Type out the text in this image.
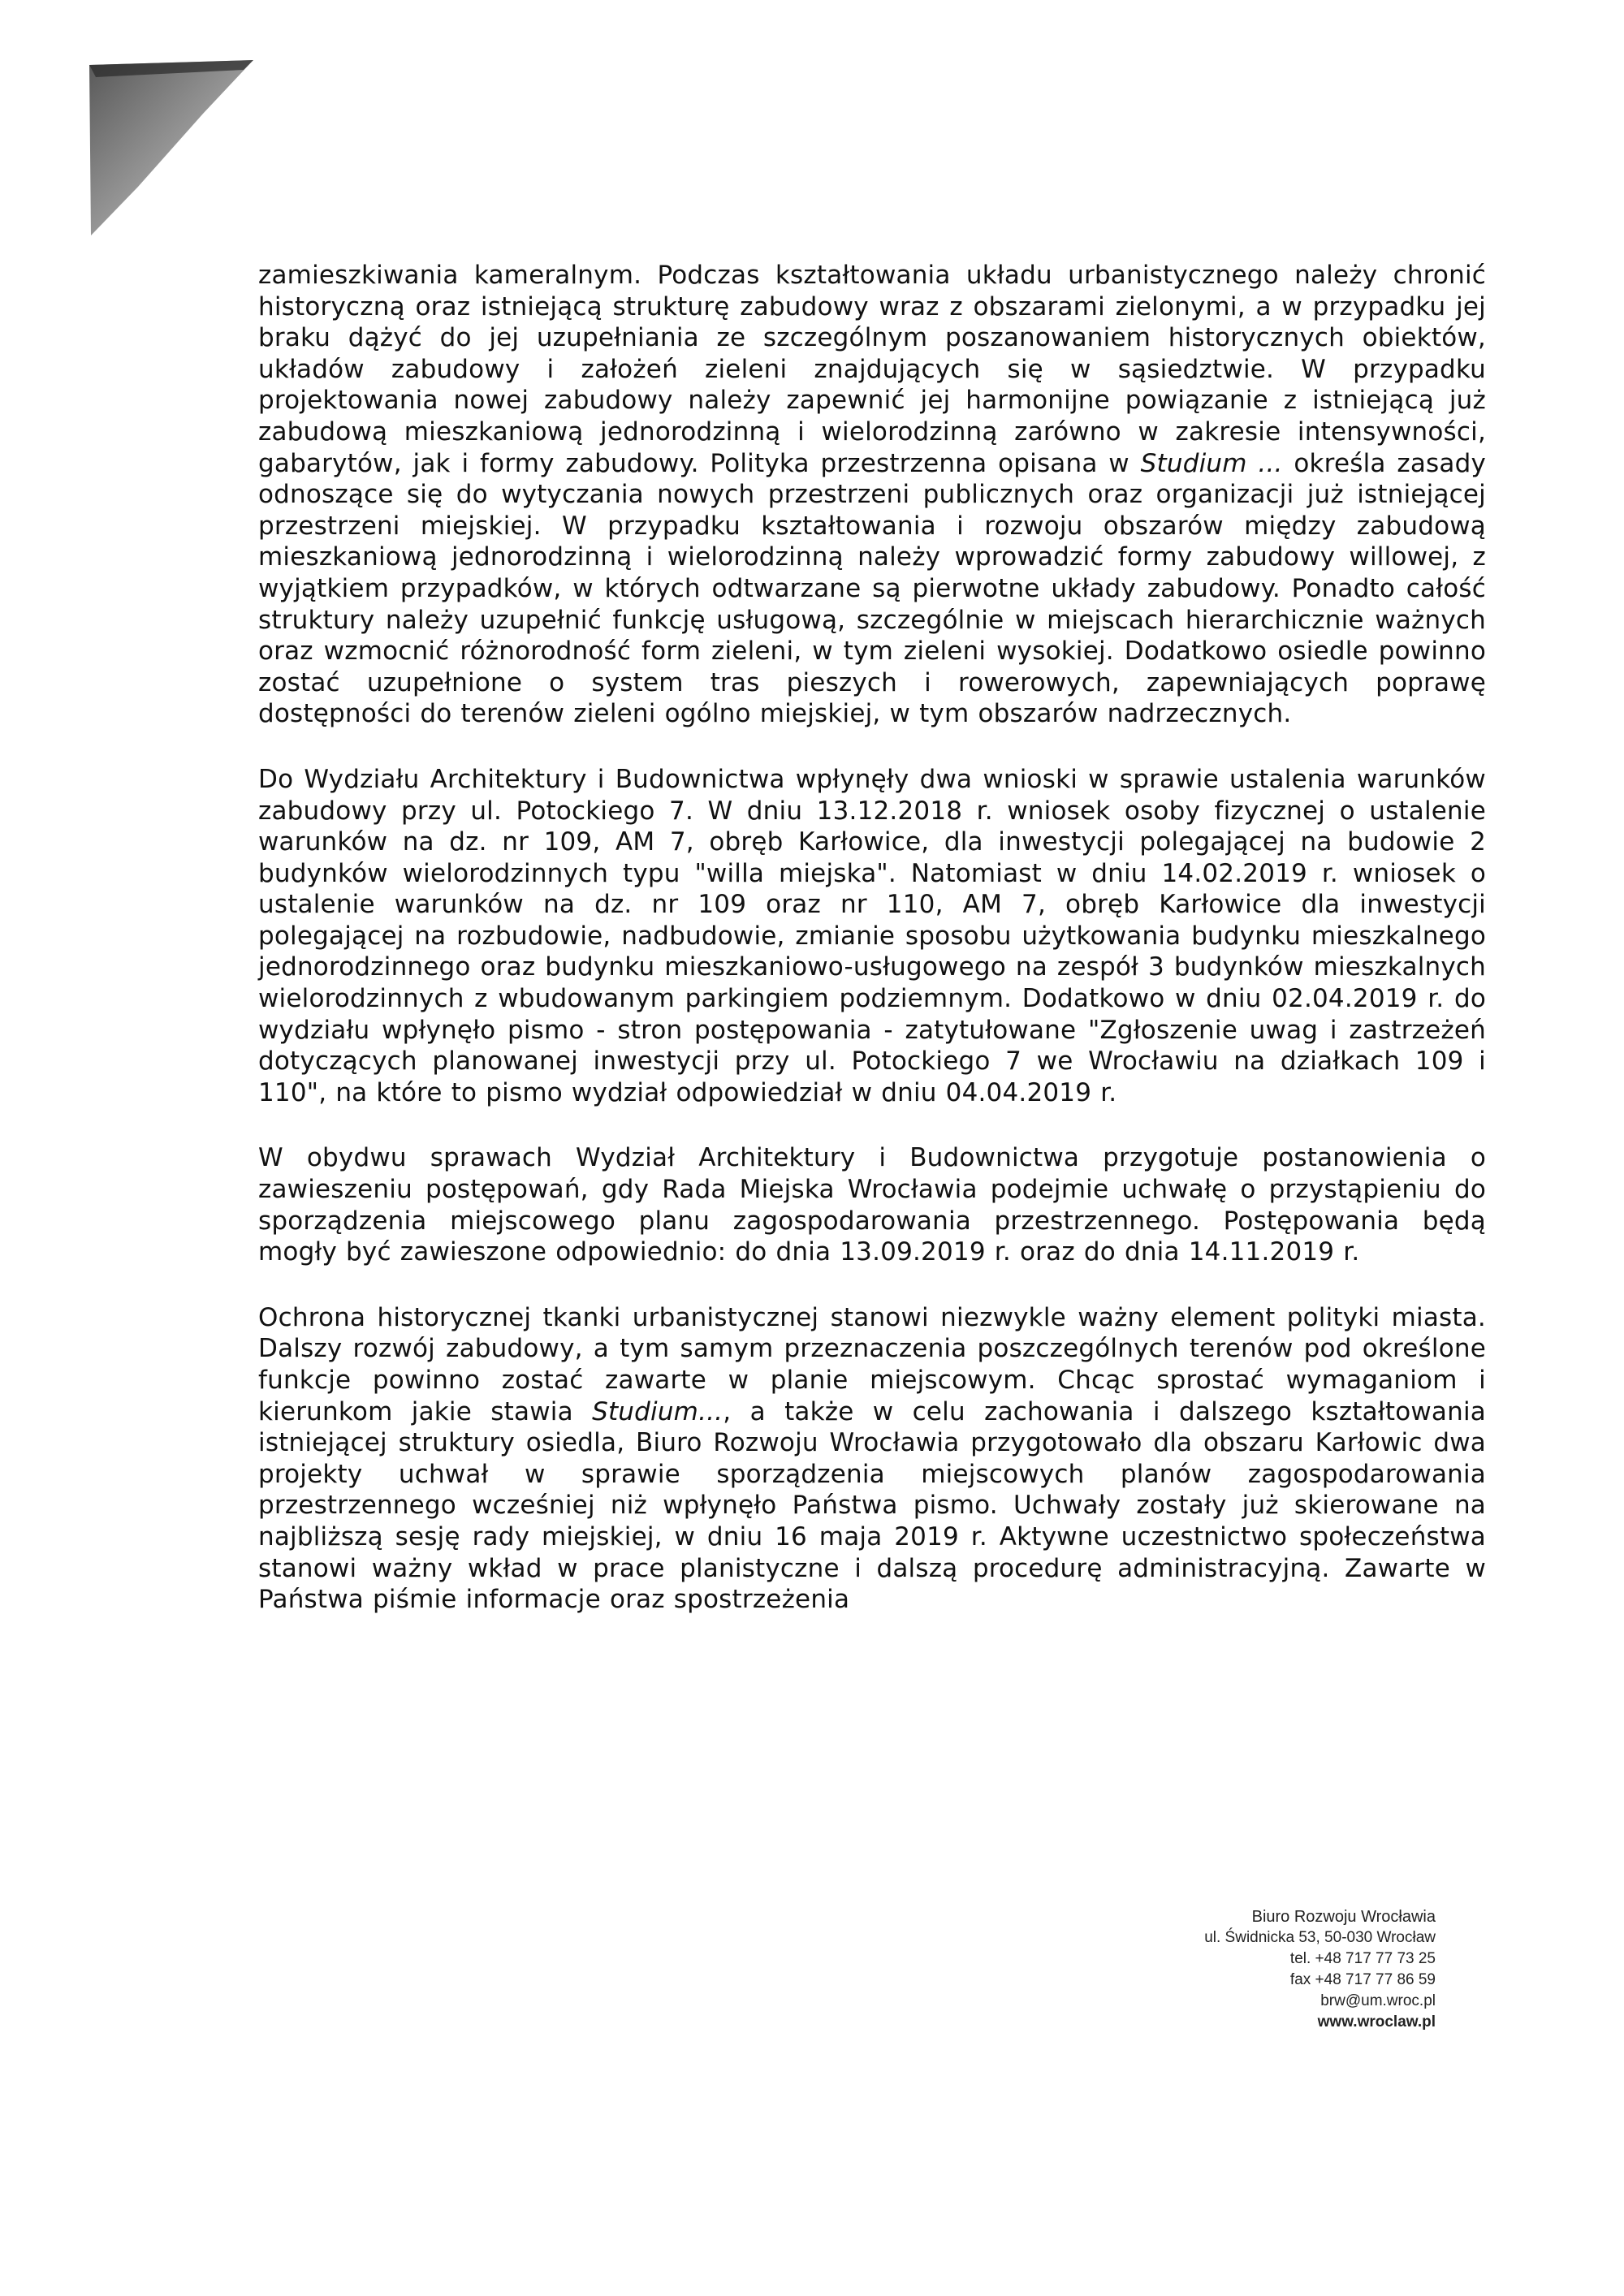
zamieszkiwania kameralnym. Podczas kształtowania układu urbanistycznego należy chronić historyczną oraz istniejącą strukturę zabudowy wraz z obszarami zielonymi, a w przypadku jej braku dążyć do jej uzupełniania ze szczególnym poszanowaniem historycznych obiektów, układów zabudowy i założeń zieleni znajdujących się w sąsiedztwie. W przypadku projektowania nowej zabudowy należy zapewnić jej harmonijne powiązanie z istniejącą już zabudową mieszkaniową jednorodzinną i wielorodzinną zarówno w zakresie intensywności, gabarytów, jak i formy zabudowy. Polityka przestrzenna opisana w Studium ... określa zasady odnoszące się do wytyczania nowych przestrzeni publicznych oraz organizacji już istniejącej przestrzeni miejskiej. W przypadku kształtowania i rozwoju obszarów między zabudową mieszkaniową jednorodzinną i wielorodzinną należy wprowadzić formy zabudowy willowej, z wyjątkiem przypadków, w których odtwarzane są pierwotne układy zabudowy. Ponadto całość struktury należy uzupełnić funkcję usługową, szczególnie w miejscach hierarchicznie ważnych oraz wzmocnić różnorodność form zieleni, w tym zieleni wysokiej. Dodatkowo osiedle powinno zostać uzupełnione o system tras pieszych i rowerowych, zapewniających poprawę dostępności do terenów zieleni ogólno miejskiej, w tym obszarów nadrzecznych.

Do Wydziału Architektury i Budownictwa wpłynęły dwa wnioski w sprawie ustalenia warunków zabudowy przy ul. Potockiego 7. W dniu 13.12.2018 r. wniosek osoby fizycznej o ustalenie warunków na dz. nr 109, AM 7, obręb Karłowice, dla inwestycji polegającej na budowie 2 budynków wielorodzinnych typu "willa miejska". Natomiast w dniu 14.02.2019 r. wniosek o ustalenie warunków na dz. nr 109 oraz nr 110, AM 7, obręb Karłowice dla inwestycji polegającej na rozbudowie, nadbudowie, zmianie sposobu użytkowania budynku mieszkalnego jednorodzinnego oraz budynku mieszkaniowo-usługowego na zespół 3 budynków mieszkalnych wielorodzinnych z wbudowanym parkingiem podziemnym. Dodatkowo w dniu 02.04.2019 r. do wydziału wpłynęło pismo - stron postępowania - zatytułowane "Zgłoszenie uwag i zastrzeżeń dotyczących planowanej inwestycji przy ul. Potockiego 7 we Wrocławiu na działkach 109 i 110", na które to pismo wydział odpowiedział w dniu 04.04.2019 r.

W obydwu sprawach Wydział Architektury i Budownictwa przygotuje postanowienia o zawieszeniu postępowań, gdy Rada Miejska Wrocławia podejmie uchwałę o przystąpieniu do sporządzenia miejscowego planu zagospodarowania przestrzennego. Postępowania będą mogły być zawieszone odpowiednio: do dnia 13.09.2019 r. oraz do dnia 14.11.2019 r.

Ochrona historycznej tkanki urbanistycznej stanowi niezwykle ważny element polityki miasta. Dalszy rozwój zabudowy, a tym samym przeznaczenia poszczególnych terenów pod określone funkcje powinno zostać zawarte w planie miejscowym. Chcąc sprostać wymaganiom i kierunkom jakie stawia Studium..., a także w celu zachowania i dalszego kształtowania istniejącej struktury osiedla, Biuro Rozwoju Wrocławia przygotowało dla obszaru Karłowic dwa projekty uchwał w sprawie sporządzenia miejscowych planów zagospodarowania przestrzennego wcześniej niż wpłynęło Państwa pismo. Uchwały zostały już skierowane na najbliższą sesję rady miejskiej, w dniu 16 maja 2019 r. Aktywne uczestnictwo społeczeństwa stanowi ważny wkład w prace planistyczne i dalszą procedurę administracyjną. Zawarte w Państwa piśmie informacje oraz spostrzeżenia

Biuro Rozwoju Wrocławia
ul. Świdnicka 53, 50-030 Wrocław
tel. +48 717 77 73 25
fax +48 717 77 86 59
brw@um.wroc.pl
www.wroclaw.pl
